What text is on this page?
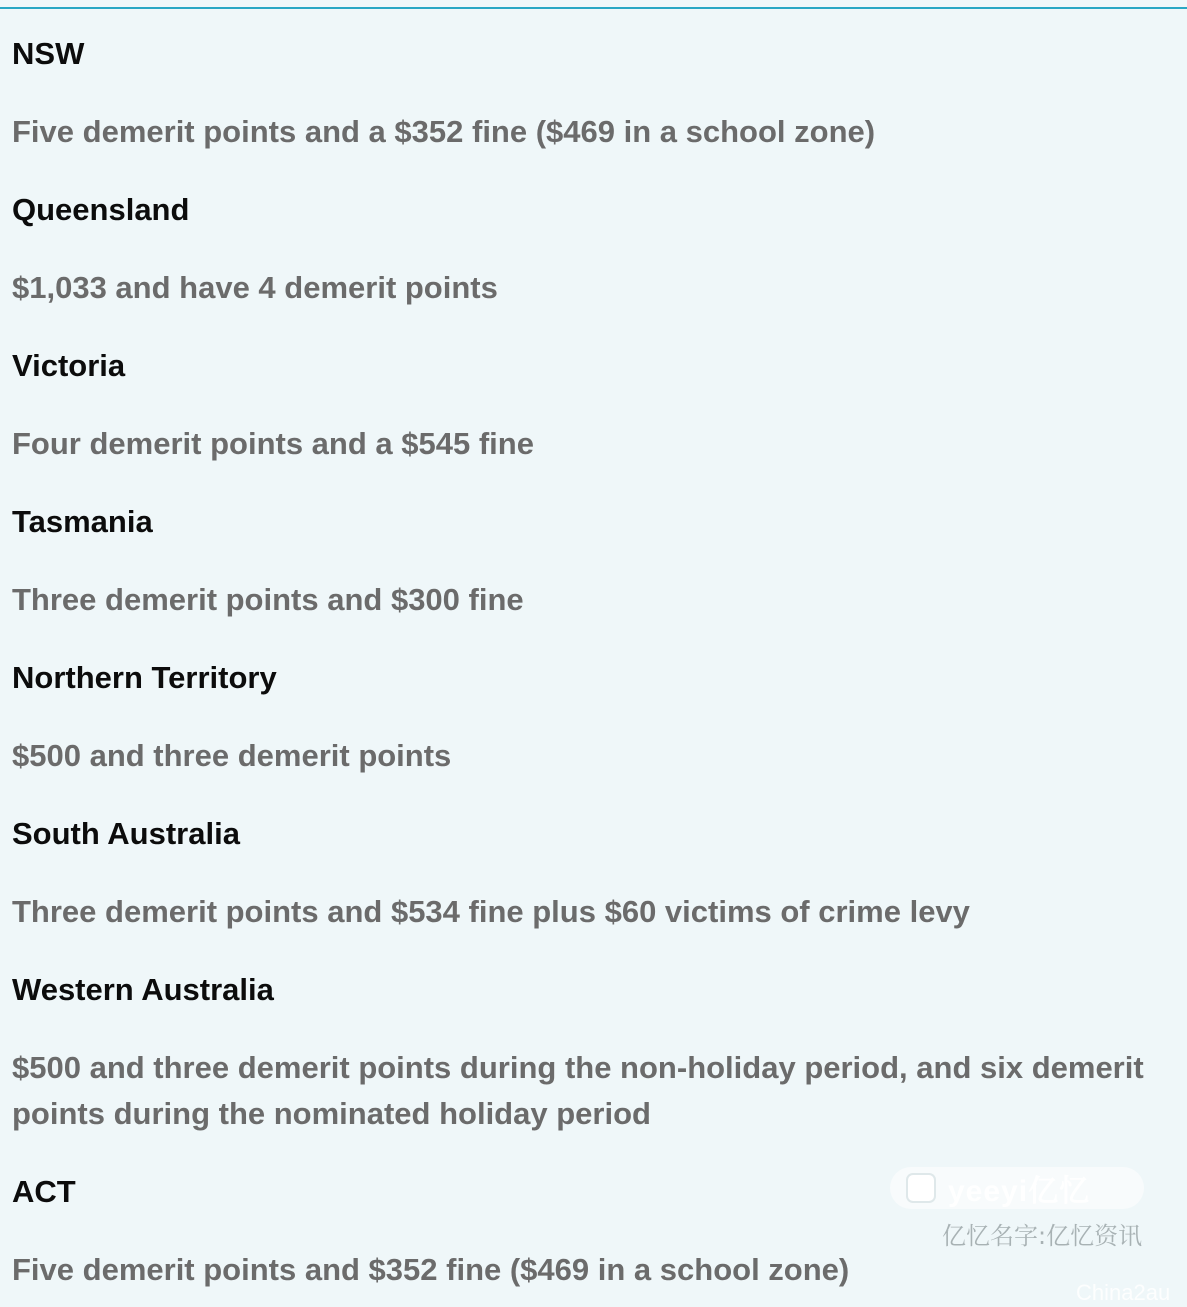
NSW

Five demerit points and a $352 fine ($469 in a school zone)

Queensland

$1,033 and have 4 demerit points

Victoria

Four demerit points and a $545 fine

Tasmania

Three demerit points and $300 fine

Northern Territory

$500 and three demerit points

South Australia

Three demerit points and $534 fine plus $60 victims of crime levy

Western Australia

$500 and three demerit points during the non-holiday period, and six demerit points during the nominated holiday period

ACT

Five demerit points and $352 fine ($469 in a school zone)

yeeyi亿忆
亿忆名字:亿忆资讯
Chinа2au
